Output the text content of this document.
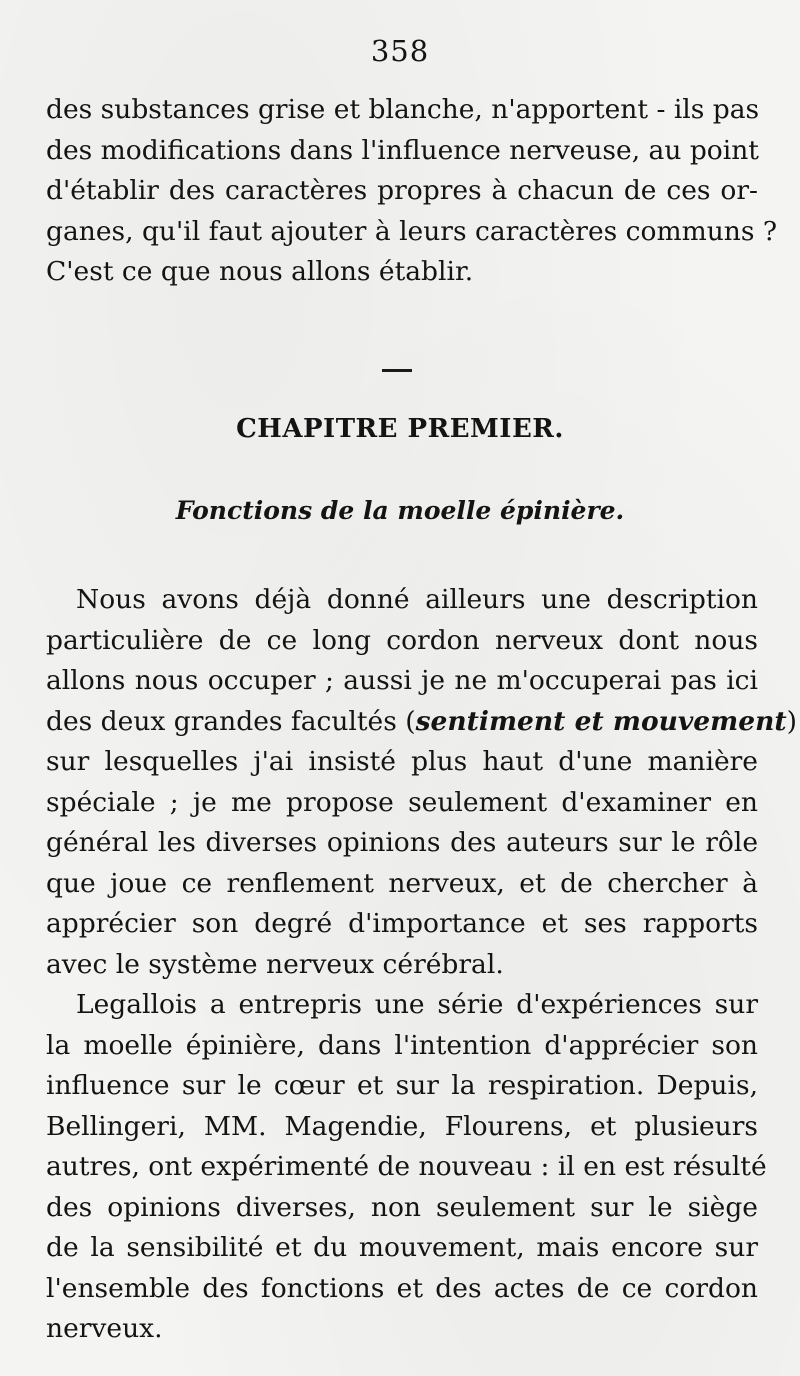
358
des substances grise et blanche, n'apportent - ils pas
des modifications dans l'influence nerveuse, au point
d'établir des caractères propres à chacun de ces or-
ganes, qu'il faut ajouter à leurs caractères communs ?
C'est ce que nous allons établir.
CHAPITRE PREMIER.
Fonctions de la moelle épinière.
Nous avons déjà donné ailleurs une description
particulière de ce long cordon nerveux dont nous
allons nous occuper ; aussi je ne m'occuperai pas ici
des deux grandes facultés (sentiment et mouvement)
sur lesquelles j'ai insisté plus haut d'une manière
spéciale ; je me propose seulement d'examiner en
général les diverses opinions des auteurs sur le rôle
que joue ce renflement nerveux, et de chercher à
apprécier son degré d'importance et ses rapports
avec le système nerveux cérébral.
Legallois a entrepris une série d'expériences sur
la moelle épinière, dans l'intention d'apprécier son
influence sur le cœur et sur la respiration. Depuis,
Bellingeri, MM. Magendie, Flourens, et plusieurs
autres, ont expérimenté de nouveau : il en est résulté
des opinions diverses, non seulement sur le siège
de la sensibilité et du mouvement, mais encore sur
l'ensemble des fonctions et des actes de ce cordon
nerveux.
